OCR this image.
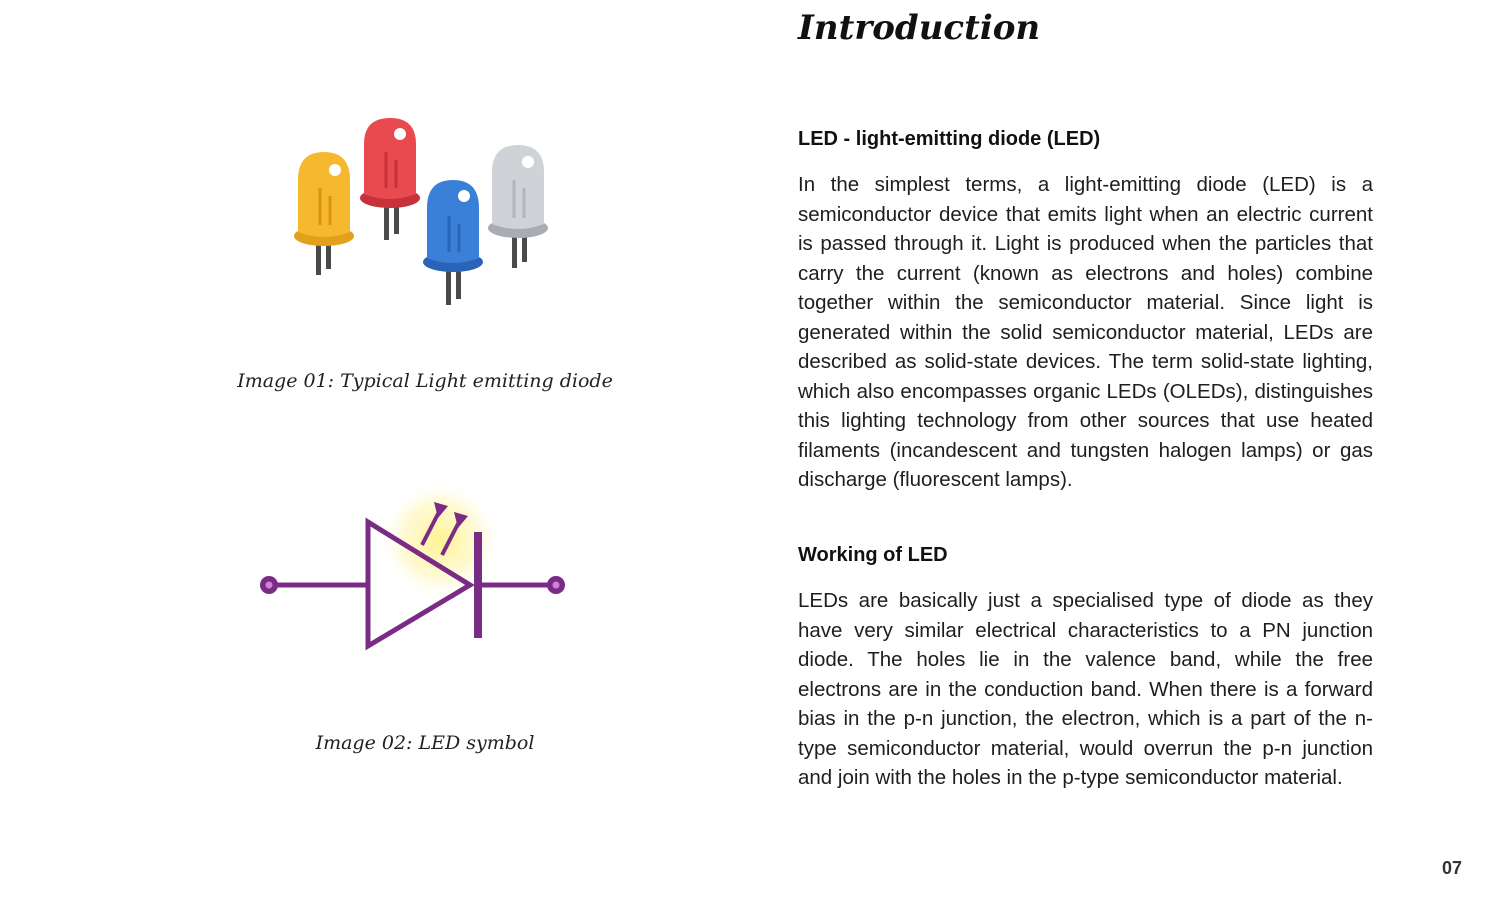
Image 01: Typical Light emitting diode
Image 02: LED symbol
Introduction
LED - light-emitting diode (LED)

In the simplest terms, a light-emitting diode (LED) is a semiconductor device that emits light when an electric current is passed through it. Light is produced when the particles that carry the current (known as electrons and holes) combine together within the semiconductor material. Since light is generated within the solid semiconductor material, LEDs are described as solid-state devices. The term solid-state lighting, which also encompasses organic LEDs (OLEDs), distinguishes this lighting technology from other sources that use heated filaments (incandescent and tungsten halogen lamps) or gas discharge (fluorescent lamps).

Working of LED

LEDs are basically just a specialised type of diode as they have very similar electrical characteristics to a PN junction diode. The holes lie in the valence band, while the free electrons are in the conduction band. When there is a forward bias in the p-n junction, the electron, which is a part of the n-type semiconductor material, would overrun the p-n junction and join with the holes in the p-type semiconductor material.

07
